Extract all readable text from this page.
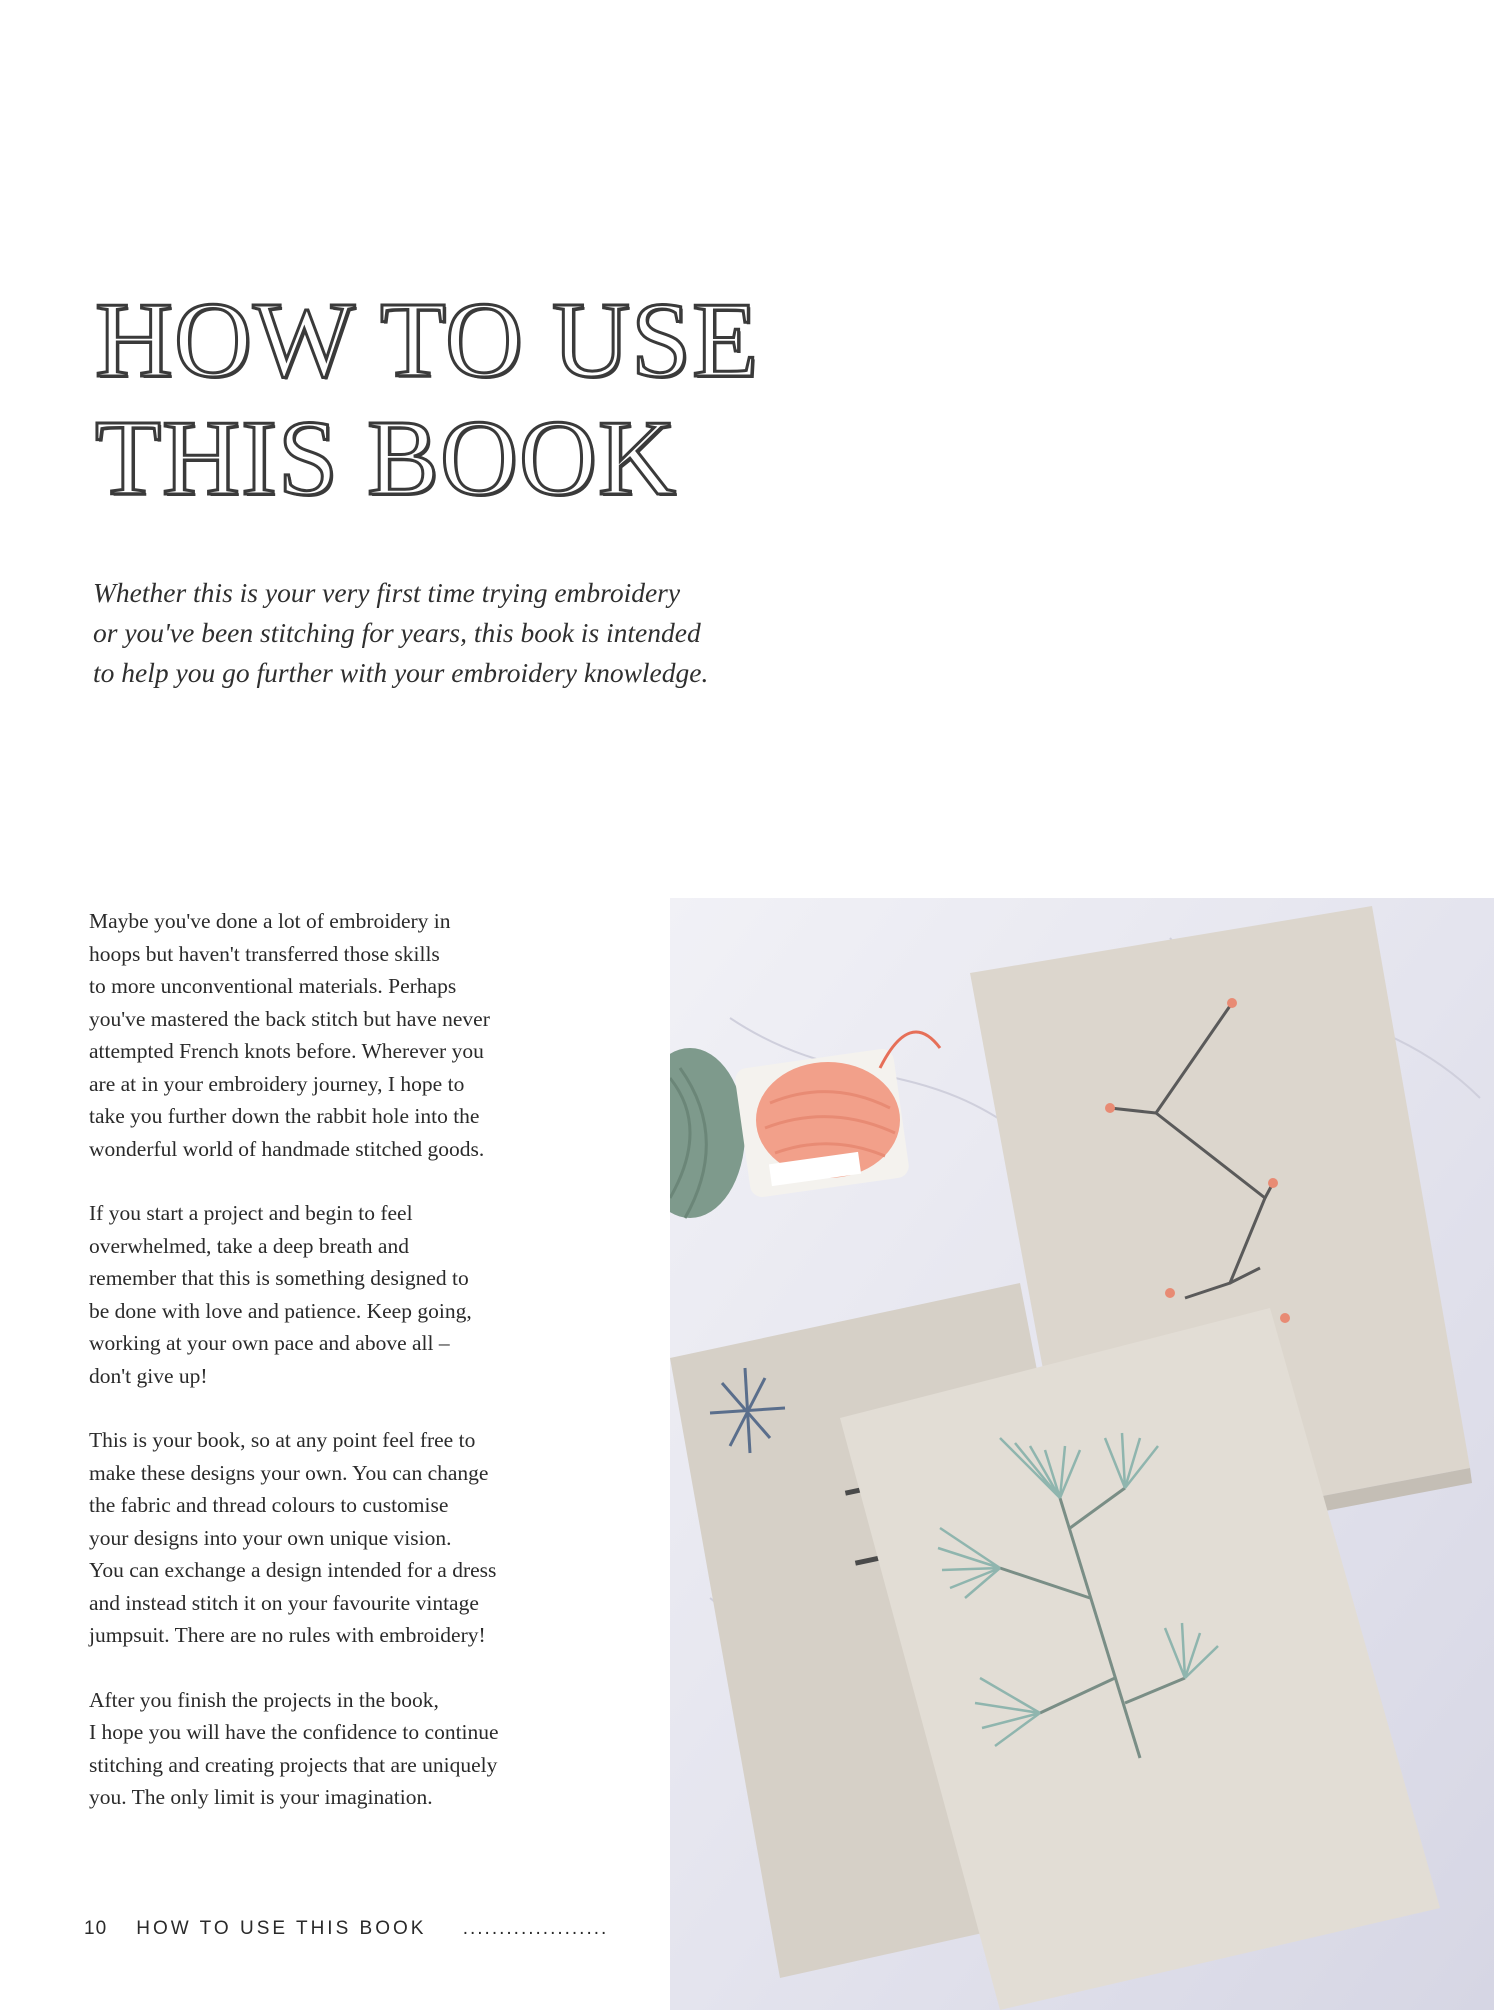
HOW TO USE
THIS BOOK

Whether this is your very first time trying embroidery
or you've been stitching for years, this book is intended
to help you go further with your embroidery knowledge.

Maybe you've done a lot of embroidery in
hoops but haven't transferred those skills
to more unconventional materials. Perhaps
you've mastered the back stitch but have never
attempted French knots before. Wherever you
are at in your embroidery journey, I hope to
take you further down the rabbit hole into the
wonderful world of handmade stitched goods.

If you start a project and begin to feel
overwhelmed, take a deep breath and
remember that this is something designed to
be done with love and patience. Keep going,
working at your own pace and above all –
don't give up!

This is your book, so at any point feel free to
make these designs your own. You can change
the fabric and thread colours to customise
your designs into your own unique vision.
You can exchange a design intended for a dress
and instead stitch it on your favourite vintage
jumpsuit. There are no rules with embroidery!

After you finish the projects in the book,
I hope you will have the confidence to continue
stitching and creating projects that are uniquely
you. The only limit is your imagination.

10 HOW TO USE THIS BOOK ....................
